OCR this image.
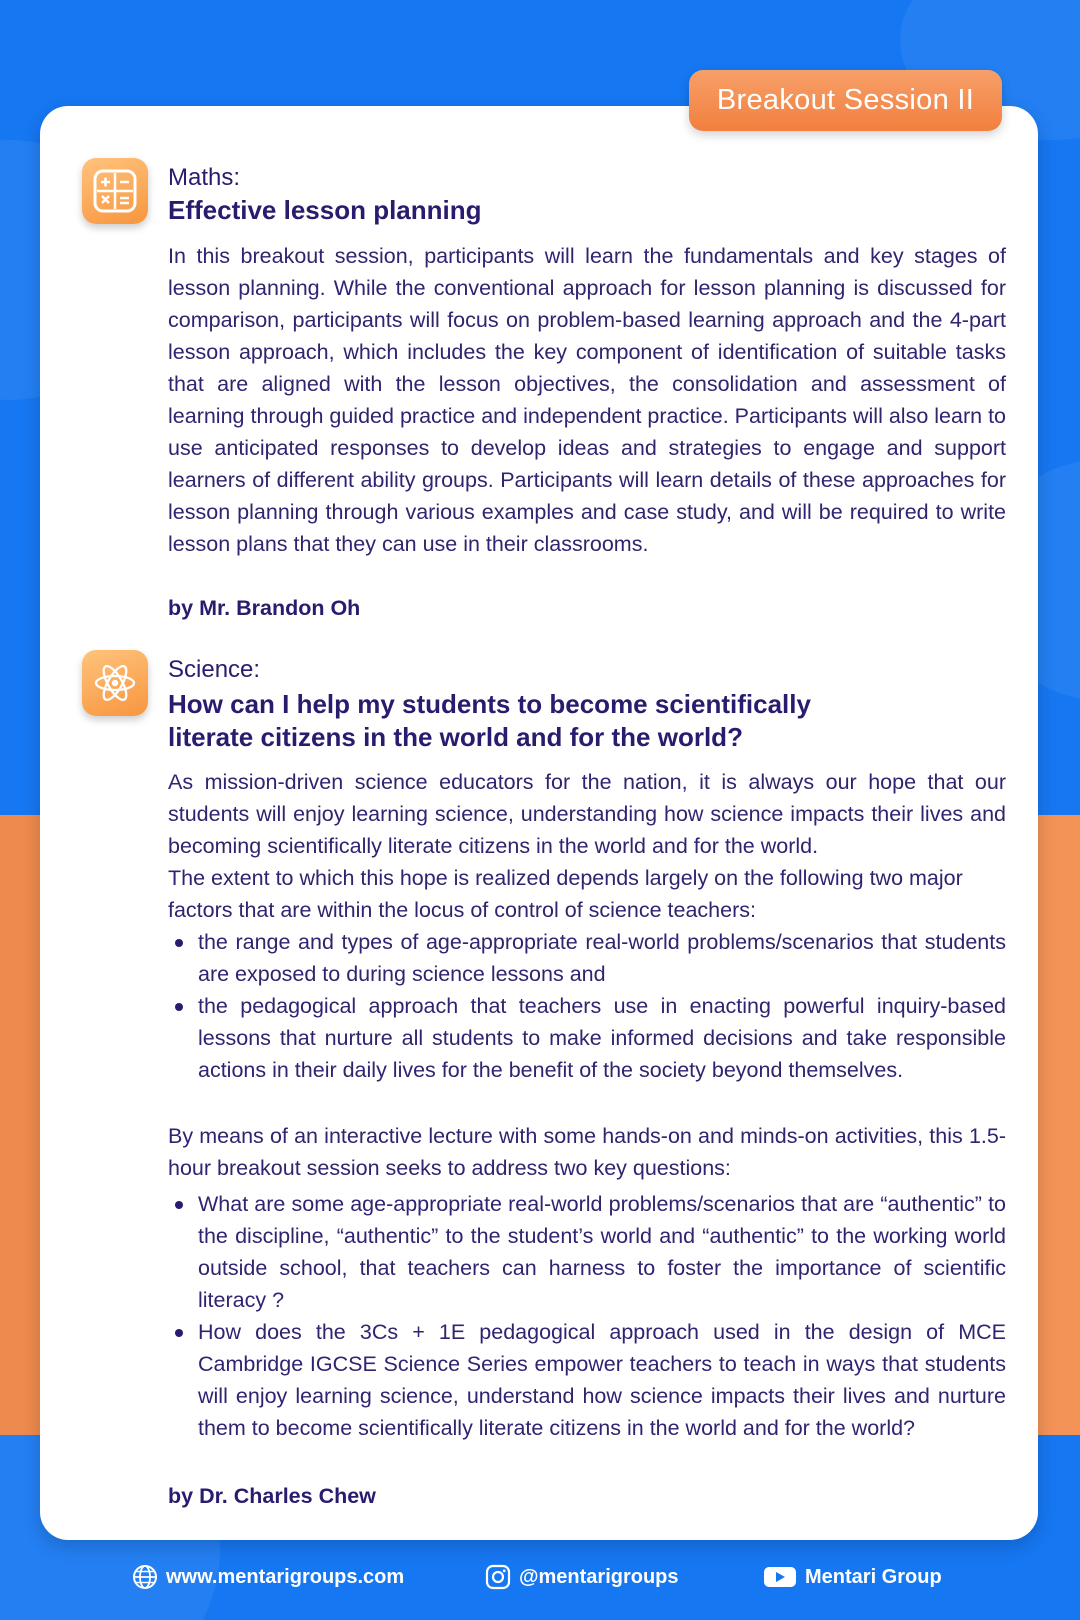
Maths:
Effective lesson planning

In this breakout session, participants will learn the fundamentals and key stages of lesson planning. While the conventional approach for lesson planning is discussed for comparison, participants will focus on problem-based learning approach and the 4-part lesson approach, which includes the key component of identification of suitable tasks that are aligned with the lesson objectives, the consolidation and assessment of learning through guided practice and independent practice. Participants will also learn to use anticipated responses to develop ideas and strategies to engage and support learners of different ability groups. Participants will learn details of these approaches for lesson planning through various examples and case study, and will be required to write lesson plans that they can use in their classrooms.

by Mr. Brandon Oh
Science:
How can I help my students to become scientifically
literate citizens in the world and for the world?

As mission-driven science educators for the nation, it is always our hope that our students will enjoy learning science, understanding how science impacts their lives and becoming scientifically literate citizens in the world and for the world.

The extent to which this hope is realized depends largely on the following two major factors that are within the locus of control of science teachers:

the range and types of age-appropriate real-world problems/scenarios that students are exposed to during science lessons and
the pedagogical approach that teachers use in enacting powerful inquiry-based lessons that nurture all students to make informed decisions and take responsible actions in their daily lives for the benefit of the society beyond themselves.

By means of an interactive lecture with some hands-on and minds-on activities, this 1.5-hour breakout session seeks to address two key questions:

What are some age-appropriate real-world problems/scenarios that are “authentic” to the discipline, “authentic” to the student’s world and “authentic” to the working world outside school, that teachers can harness to foster the importance of scientific literacy ?
How does the 3Cs + 1E pedagogical approach used in the design of MCE Cambridge IGCSE Science Series empower teachers to teach in ways that students will enjoy learning science, understand how science impacts their lives and nurture them to become scientifically literate citizens in the world and for the world?
by Dr. Charles Chew
Breakout Session II
www.mentarigroups.com	@mentarigroups	Mentari Group
